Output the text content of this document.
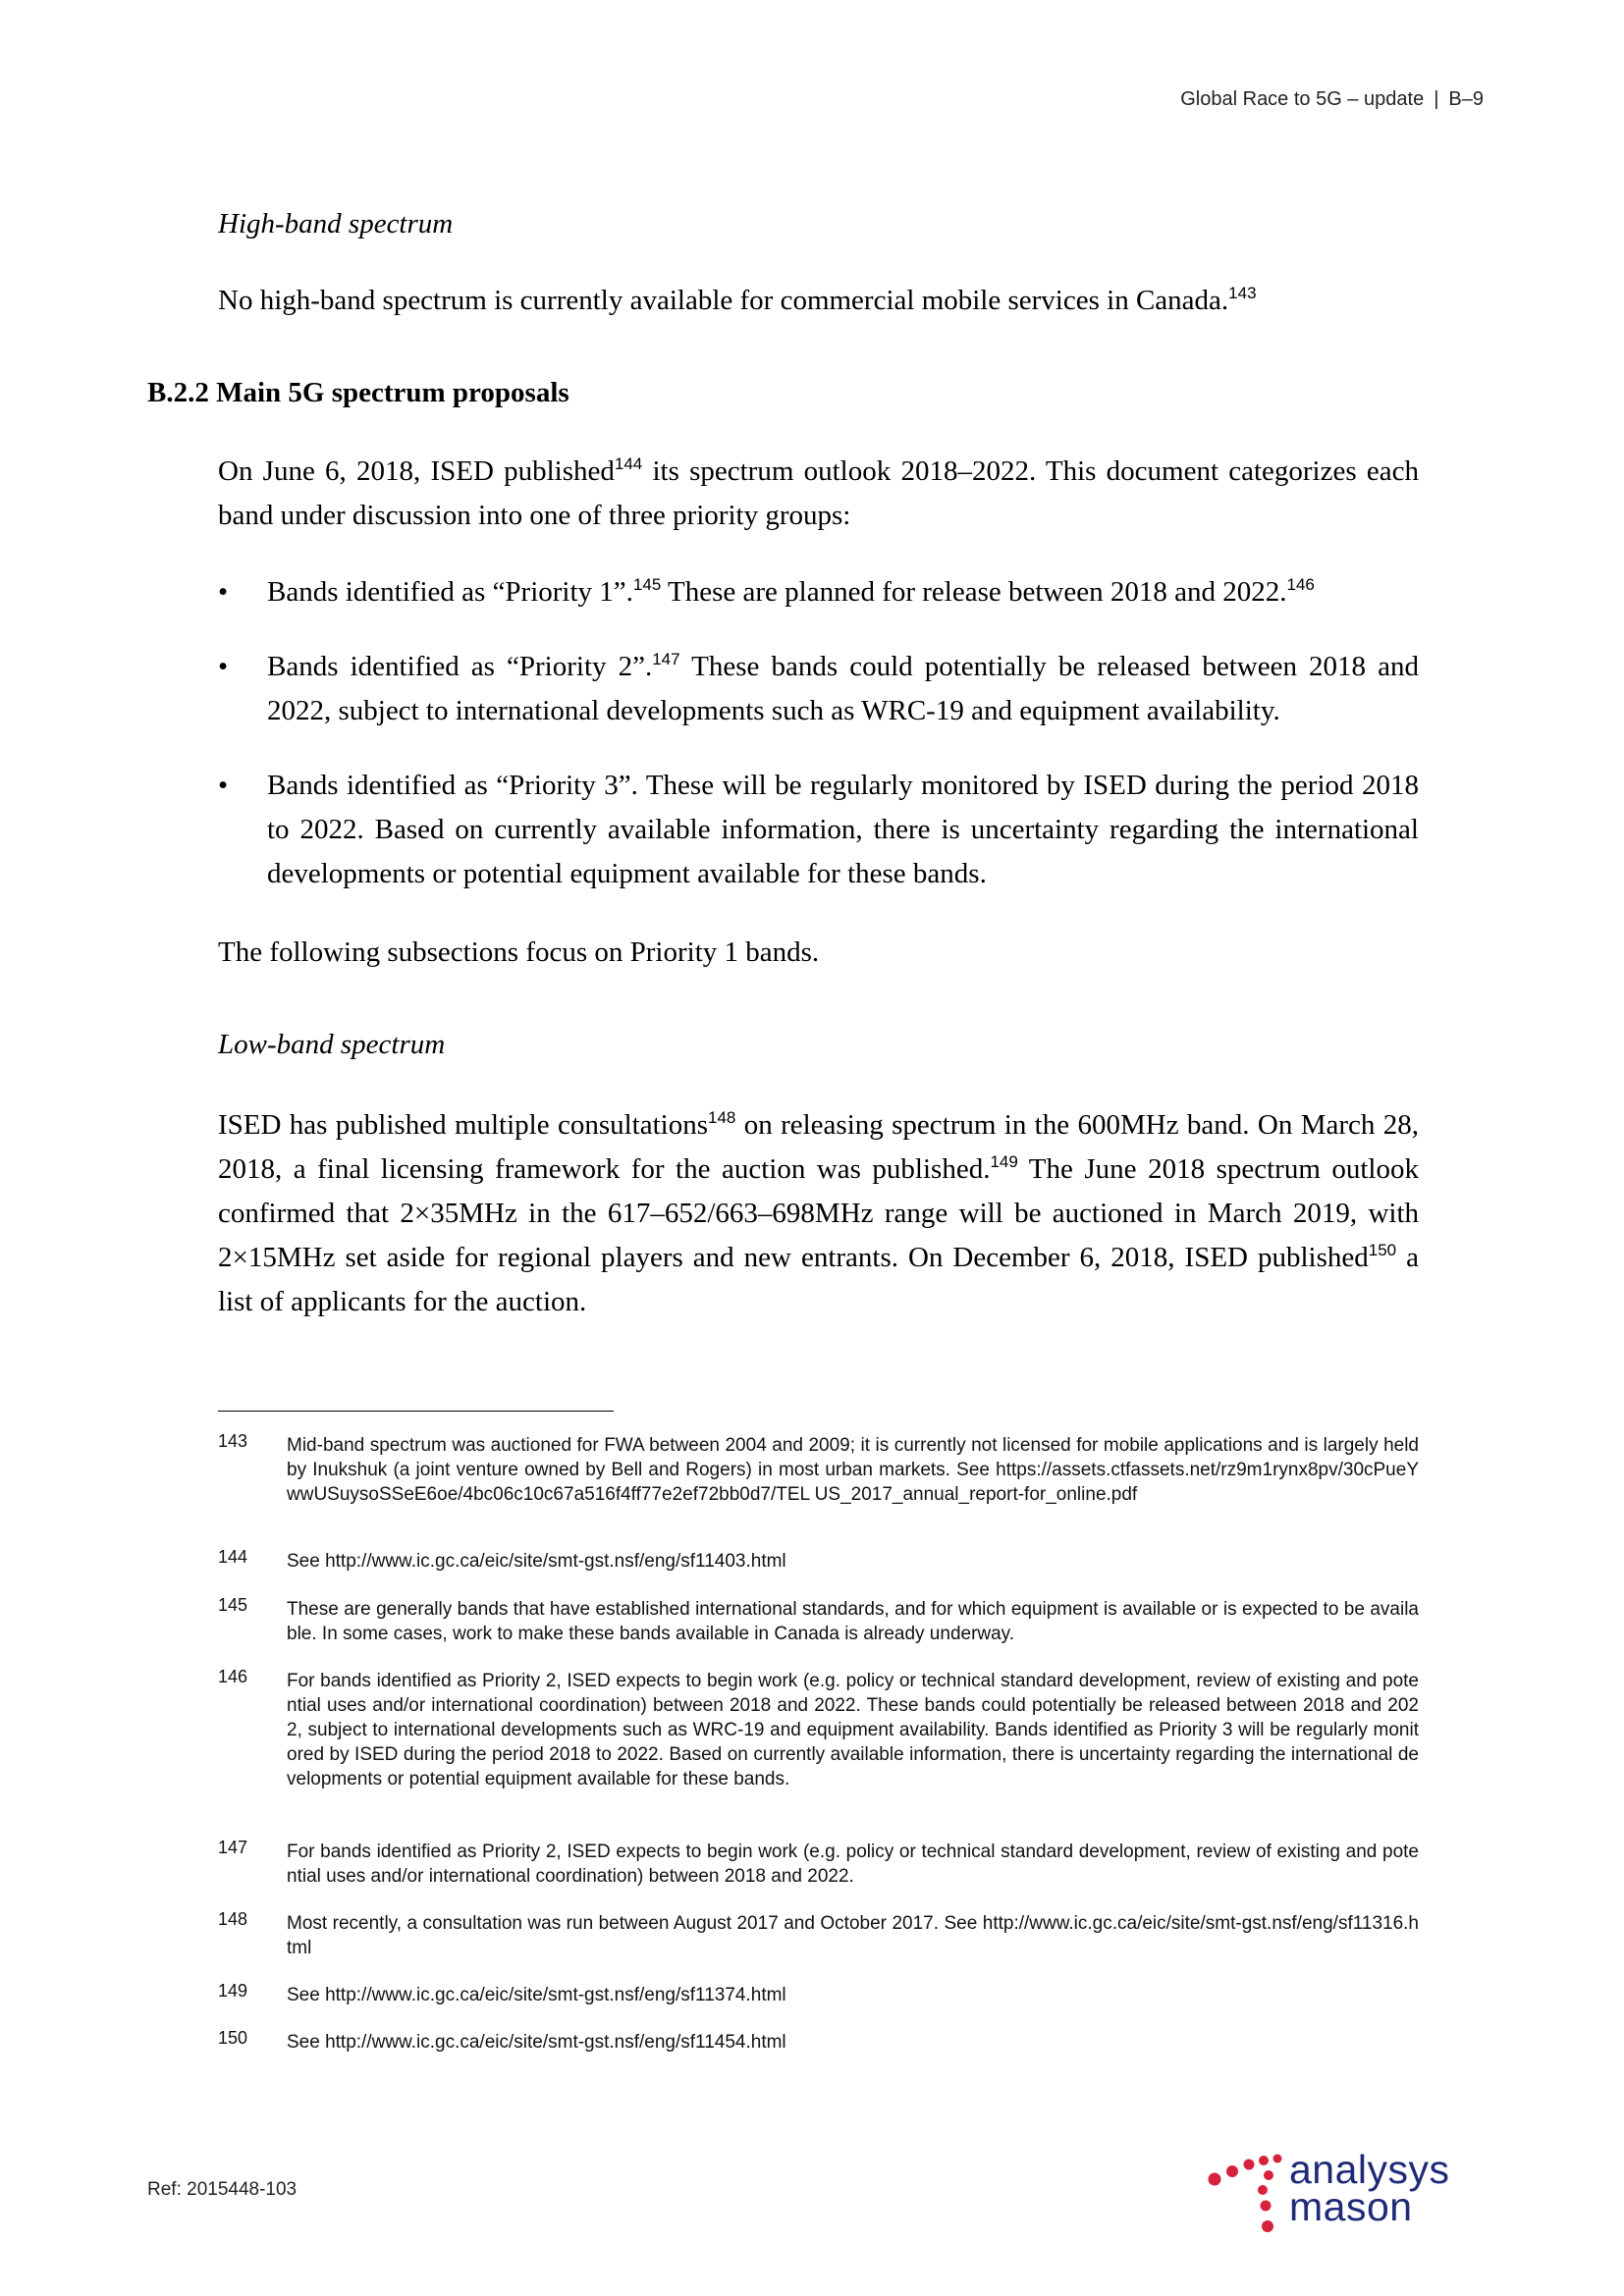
Global Race to 5G – update | B–9
High-band spectrum
No high-band spectrum is currently available for commercial mobile services in Canada.$^{143}$
B.2.2 Main 5G spectrum proposals
On June 6, 2018, ISED published$^{144}$ its spectrum outlook 2018–2022. This document categorizes each band under discussion into one of three priority groups:
•	Bands identified as “Priority 1”.$^{145}$ These are planned for release between 2018 and 2022.$^{146}$
•	Bands identified as “Priority 2”.$^{147}$ These bands could potentially be released between 2018 and 2022, subject to international developments such as WRC-19 and equipment availability.
•	Bands identified as “Priority 3”. These will be regularly monitored by ISED during the period 2018 to 2022. Based on currently available information, there is uncertainty regarding the international developments or potential equipment available for these bands.
The following subsections focus on Priority 1 bands.
Low-band spectrum
ISED has published multiple consultations$^{148}$ on releasing spectrum in the 600MHz band. On March 28, 2018, a final licensing framework for the auction was published.$^{149}$ The June 2018 spectrum outlook confirmed that 2×35MHz in the 617–652/663–698MHz range will be auctioned in March 2019, with 2×15MHz set aside for regional players and new entrants. On December 6, 2018, ISED published$^{150}$ a list of applicants for the auction.
143 Mid-band spectrum was auctioned for FWA between 2004 and 2009; it is currently not licensed for mobile applications and is largely held by Inukshuk (a joint venture owned by Bell and Rogers) in most urban markets. See https://assets.ctfassets.net/rz9m1rynx8pv/30cPueYwwUSuysoSSeE6oe/4bc06c10c67a516f4ff77e2ef72bb0d7/TEL US_2017_annual_report-for_online.pdf
144 See http://www.ic.gc.ca/eic/site/smt-gst.nsf/eng/sf11403.html
145 These are generally bands that have established international standards, and for which equipment is available or is expected to be available. In some cases, work to make these bands available in Canada is already underway.
146 For bands identified as Priority 2, ISED expects to begin work (e.g. policy or technical standard development, review of existing and potential uses and/or international coordination) between 2018 and 2022. These bands could potentially be released between 2018 and 2022, subject to international developments such as WRC-19 and equipment availability. Bands identified as Priority 3 will be regularly monitored by ISED during the period 2018 to 2022. Based on currently available information, there is uncertainty regarding the international developments or potential equipment available for these bands.
147 For bands identified as Priority 2, ISED expects to begin work (e.g. policy or technical standard development, review of existing and potential uses and/or international coordination) between 2018 and 2022.
148 Most recently, a consultation was run between August 2017 and October 2017. See http://www.ic.gc.ca/eic/site/smt-gst.nsf/eng/sf11316.html
149 See http://www.ic.gc.ca/eic/site/smt-gst.nsf/eng/sf11374.html
150 See http://www.ic.gc.ca/eic/site/smt-gst.nsf/eng/sf11454.html
Ref: 2015448-103	analysys
mason
